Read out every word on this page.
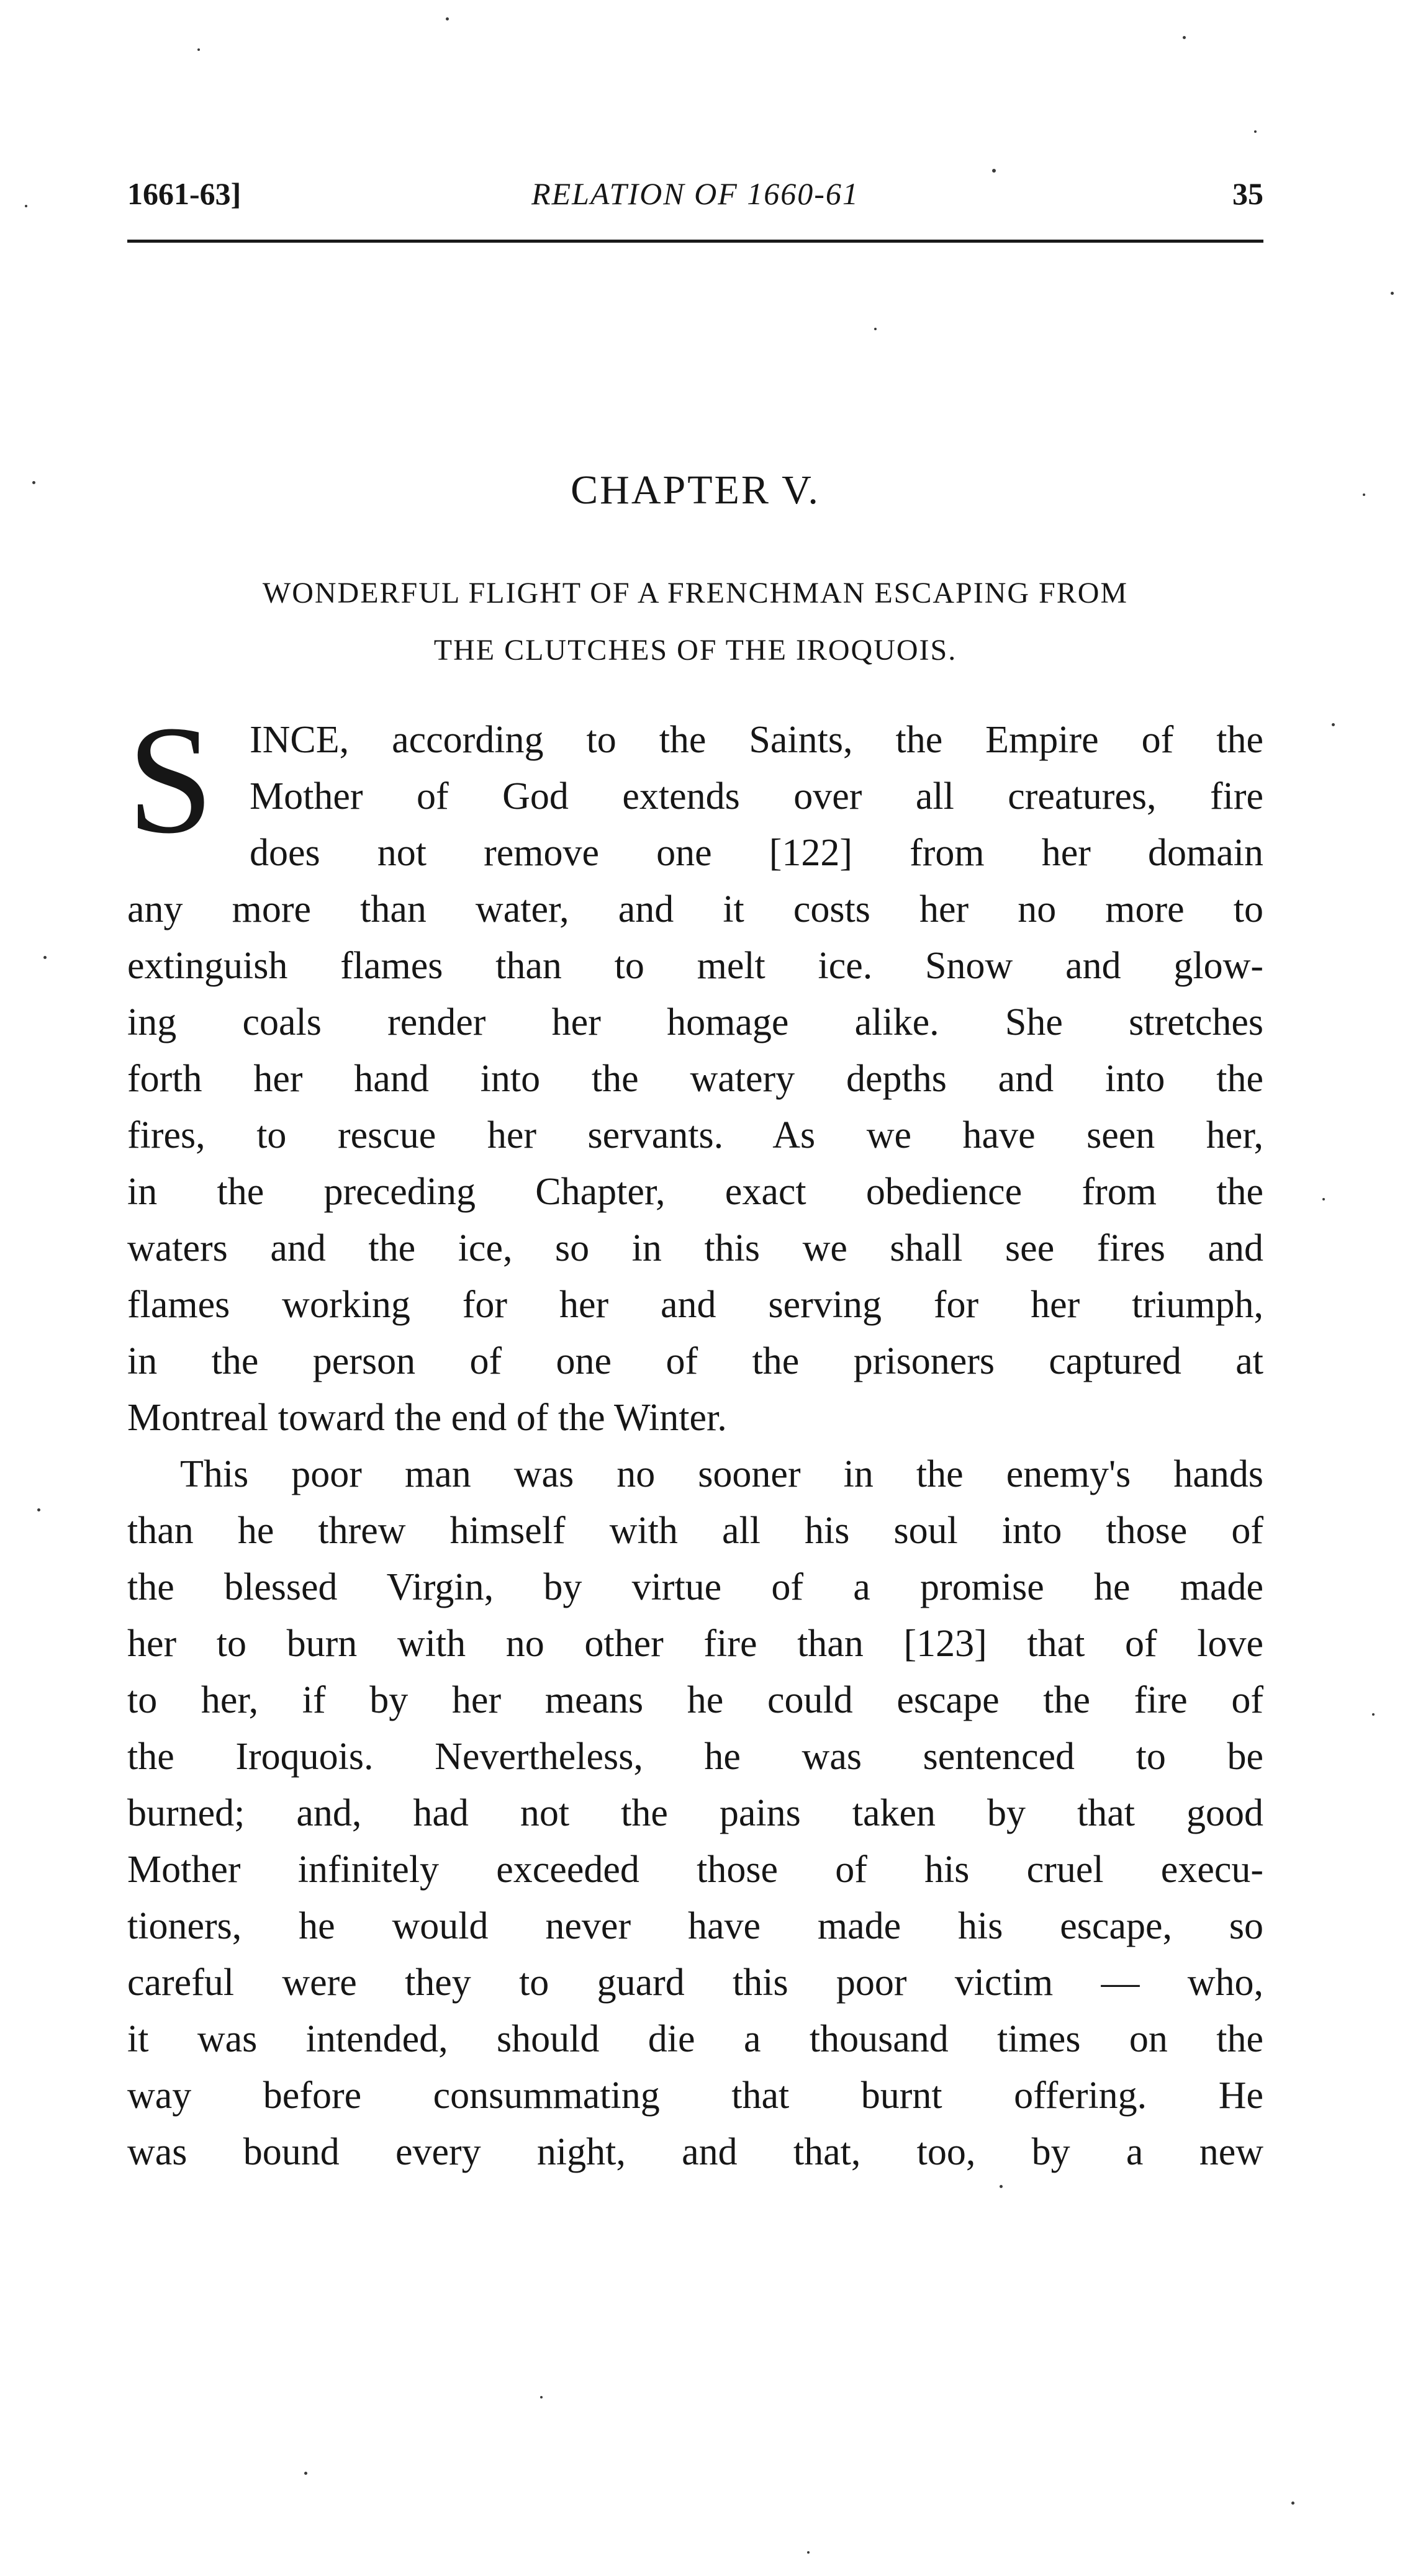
1661-63]	RELATION OF 1660-61	35
CHAPTER V.
WONDERFUL FLIGHT OF A FRENCHMAN ESCAPING FROM
THE CLUTCHES OF THE IROQUOIS.
S INCE, according to the Saints, the Empire of the
Mother of God extends over all creatures, fire
does not remove one [122] from her domain
any more than water, and it costs her no more to
extinguish flames than to melt ice. Snow and glow-
ing coals render her homage alike. She stretches
forth her hand into the watery depths and into the
fires, to rescue her servants. As we have seen her,
in the preceding Chapter, exact obedience from the
waters and the ice, so in this we shall see fires and
flames working for her and serving for her triumph,
in the person of one of the prisoners captured at
Montreal toward the end of the Winter.
This poor man was no sooner in the enemy's hands
than he threw himself with all his soul into those of
the blessed Virgin, by virtue of a promise he made
her to burn with no other fire than [123] that of love
to her, if by her means he could escape the fire of
the Iroquois. Nevertheless, he was sentenced to be
burned; and, had not the pains taken by that good
Mother infinitely exceeded those of his cruel execu-
tioners, he would never have made his escape, so
careful were they to guard this poor victim — who,
it was intended, should die a thousand times on the
way before consummating that burnt offering. He
was bound every night, and that, too, by a new
